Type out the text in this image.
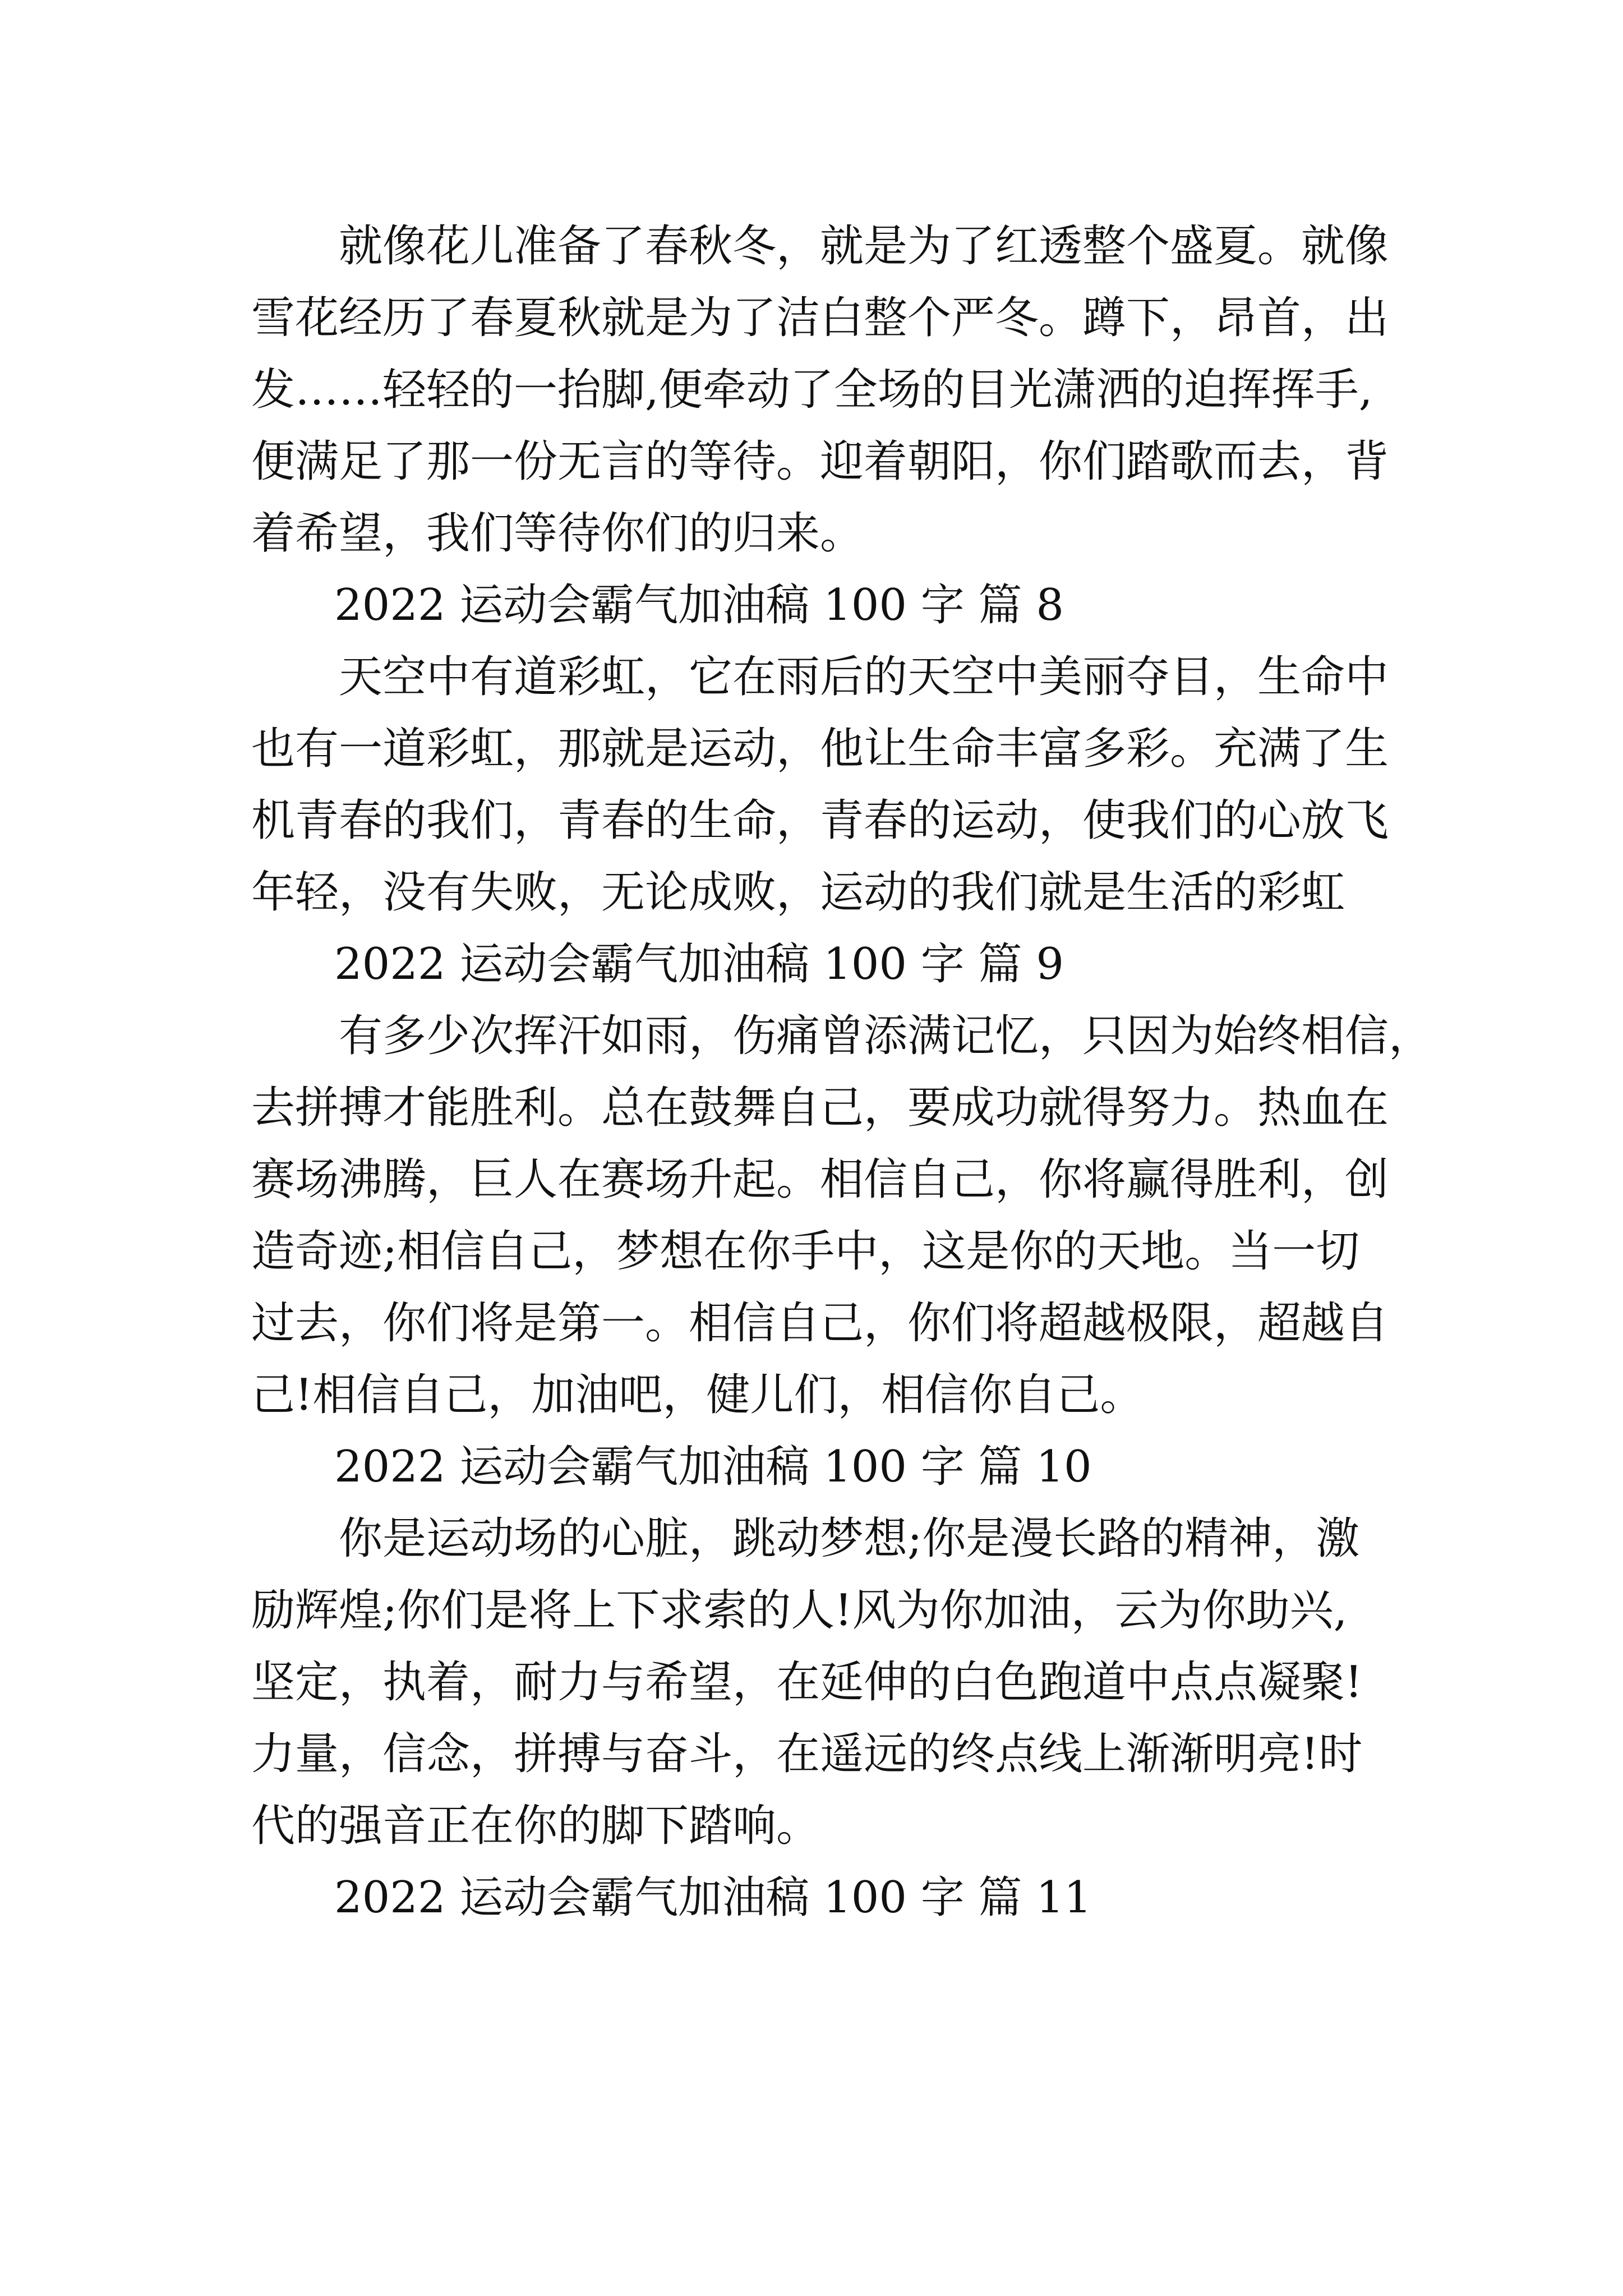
就像花儿准备了春秋冬，就是为了红透整个盛夏。就像
雪花经历了春夏秋就是为了洁白整个严冬。蹲下，昂首，出
发……轻轻的一抬脚,便牵动了全场的目光潇洒的迫挥挥手,
便满足了那一份无言的等待。迎着朝阳，你们踏歌而去，背
着希望，我们等待你们的归来。
2022 运动会霸气加油稿 100 字 篇 8
天空中有道彩虹，它在雨后的天空中美丽夺目，生命中
也有一道彩虹，那就是运动，他让生命丰富多彩。充满了生
机青春的我们，青春的生命，青春的运动，使我们的心放飞
年轻，没有失败，无论成败，运动的我们就是生活的彩虹
2022 运动会霸气加油稿 100 字 篇 9
有多少次挥汗如雨，伤痛曾添满记忆，只因为始终相信，
去拼搏才能胜利。总在鼓舞自己，要成功就得努力。热血在
赛场沸腾，巨人在赛场升起。相信自己，你将赢得胜利，创
造奇迹;相信自己，梦想在你手中，这是你的天地。当一切
过去，你们将是第一。相信自己，你们将超越极限，超越自
己!相信自己，加油吧，健儿们，相信你自己。
2022 运动会霸气加油稿 100 字 篇 10
你是运动场的心脏，跳动梦想;你是漫长路的精神，激
励辉煌;你们是将上下求索的人!风为你加油，云为你助兴,
坚定，执着，耐力与希望，在延伸的白色跑道中点点凝聚!
力量，信念，拼搏与奋斗，在遥远的终点线上渐渐明亮!时
代的强音正在你的脚下踏响。
2022 运动会霸气加油稿 100 字 篇 11
